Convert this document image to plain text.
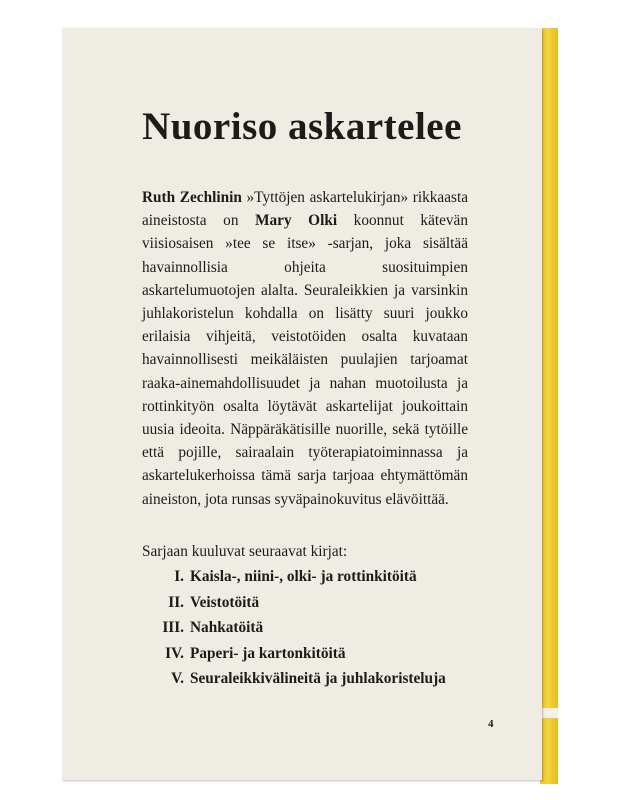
Nuoriso askartelee

Ruth Zechlinin »Tyttöjen askartelukirjan» rikkaasta aineistosta on Mary Olki koonnut kätevän viisiosaisen »tee se itse» -sarjan, joka sisältää havainnollisia ohjeita suosituimpien askartelumuotojen alalta. Seuraleikkien ja varsinkin juhlakoristelun kohdalla on lisätty suuri joukko erilaisia vihjeitä, veistotöiden osalta kuvataan havainnollisesti meikäläisten puulajien tarjoamat raaka-ainemahdollisuudet ja nahan muotoilusta ja rottinkityön osalta löytävät askartelijat joukoittain uusia ideoita. Näppäräkätisille nuorille, sekä tytöille että pojille, sairaalain työterapiatoiminnassa ja askartelukerhoissa tämä sarja tarjoaa ehtymättömän aineiston, jota runsas syväpainokuvitus elävöittää.

Sarjaan kuuluvat seuraavat kirjat:

I. Kaisla-, niini-, olki- ja rottinkitöitä
II. Veistotöitä
III. Nahkatöitä
IV. Paperi- ja kartonkitöitä
V. Seuraleikkivälineitä ja juhlakoristeluja
4
